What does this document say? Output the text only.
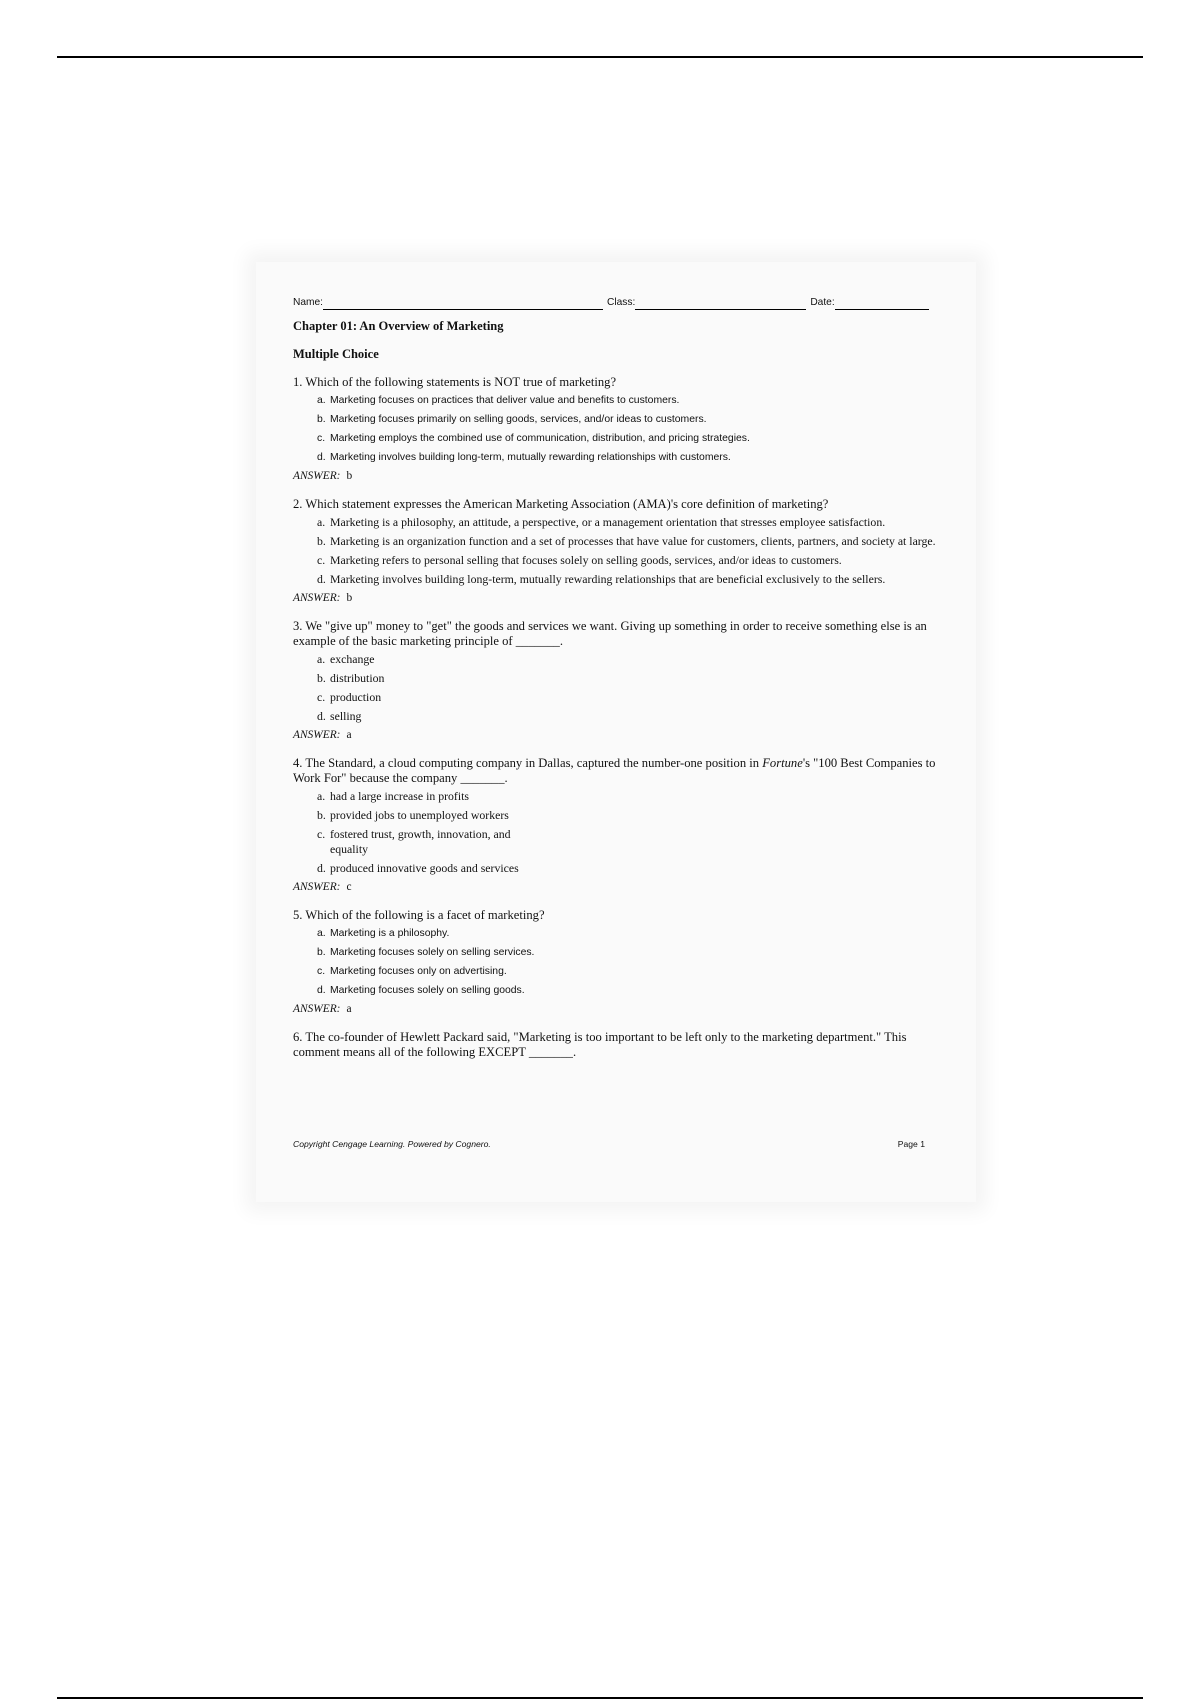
Name:	Class:	Date:
Chapter 01: An Overview of Marketing
Multiple Choice
1. Which of the following statements is NOT true of marketing?
a. Marketing focuses on practices that deliver value and benefits to customers.
b. Marketing focuses primarily on selling goods, services, and/or ideas to customers.
c. Marketing employs the combined use of communication, distribution, and pricing strategies.
d. Marketing involves building long-term, mutually rewarding relationships with customers.
ANSWER: b
2. Which statement expresses the American Marketing Association (AMA)'s core definition of marketing?
a. Marketing is a philosophy, an attitude, a perspective, or a management orientation that stresses employee satisfaction.
b. Marketing is an organization function and a set of processes that have value for customers, clients, partners, and society at large.
c. Marketing refers to personal selling that focuses solely on selling goods, services, and/or ideas to customers.
d. Marketing involves building long-term, mutually rewarding relationships that are beneficial exclusively to the sellers.
ANSWER: b
3. We "give up" money to "get" the goods and services we want. Giving up something in order to receive something else is an example of the basic marketing principle of _______.
a. exchange
b. distribution
c. production
d. selling
ANSWER: a
4. The Standard, a cloud computing company in Dallas, captured the number-one position in Fortune's "100 Best Companies to Work For" because the company _______.
a. had a large increase in profits
b. provided jobs to unemployed workers
c. fostered trust, growth, innovation, and equality
d. produced innovative goods and services
ANSWER: c
5. Which of the following is a facet of marketing?
a. Marketing is a philosophy.
b. Marketing focuses solely on selling services.
c. Marketing focuses only on advertising.
d. Marketing focuses solely on selling goods.
ANSWER: a
6. The co-founder of Hewlett Packard said, "Marketing is too important to be left only to the marketing department." This comment means all of the following EXCEPT _______.
Copyright Cengage Learning. Powered by Cognero.	Page 1
